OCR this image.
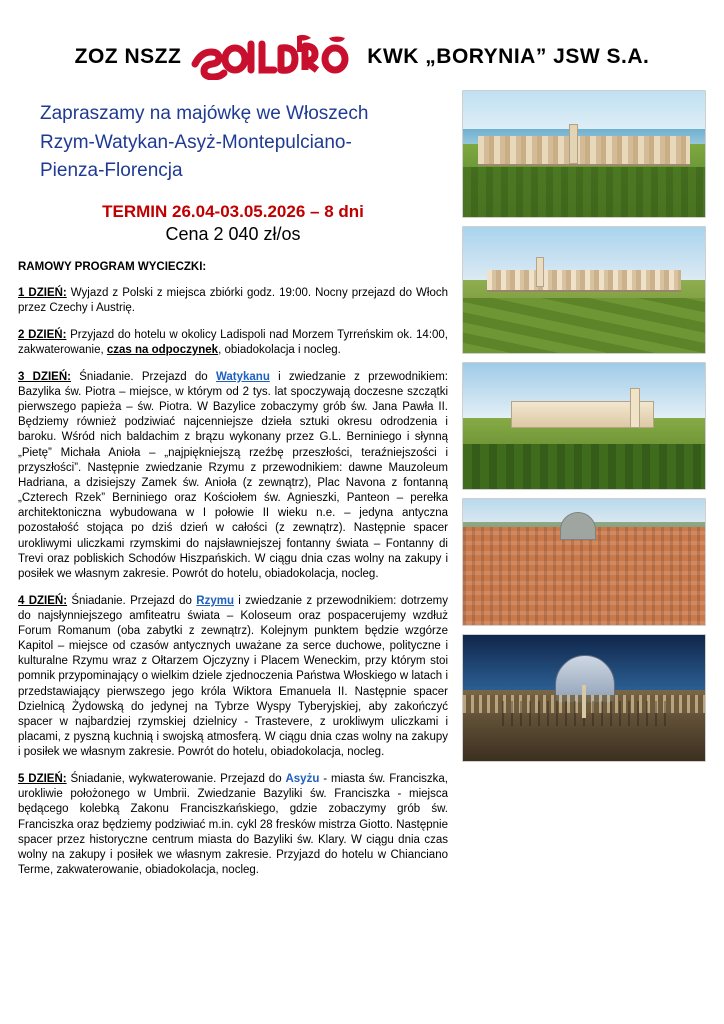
ZOZ NSZZ	KWK „BORYNIA” JSW S.A.
Zapraszamy na majówkę we Włoszech
Rzym-Watykan-Asyż-Montepulciano-
Pienza-Florencja
TERMIN 26.04-03.05.2026 – 8 dni
Cena 2 040 zł/os
RAMOWY PROGRAM WYCIECZKI:

1 DZIEŃ: Wyjazd z Polski z miejsca zbiórki godz. 19:00. Nocny przejazd do Włoch przez Czechy i Austrię.

2 DZIEŃ: Przyjazd do hotelu w okolicy Ladispoli nad Morzem Tyrreńskim ok. 14:00, zakwaterowanie, czas na odpoczynek, obiadokolacja i nocleg.

3 DZIEŃ: Śniadanie. Przejazd do Watykanu i zwiedzanie z przewodnikiem: Bazylika św. Piotra – miejsce, w którym od 2 tys. lat spoczywają doczesne szczątki pierwszego papieża – św. Piotra. W Bazylice zobaczymy grób św. Jana Pawła II. Będziemy również podziwiać najcenniejsze dzieła sztuki okresu odrodzenia i baroku. Wśród nich baldachim z brązu wykonany przez G.L. Berniniego i słynną „Pietę” Michała Anioła – „najpiękniejszą rzeźbę przeszłości, teraźniejszości i przyszłości”. Następnie zwiedzanie Rzymu z przewodnikiem: dawne Mauzoleum Hadriana, a dzisiejszy Zamek św. Anioła (z zewnątrz), Plac Navona z fontanną „Czterech Rzek” Berniniego oraz Kościołem św. Agnieszki, Panteon – perełka architektoniczna wybudowana w I połowie II wieku n.e. – jedyna antyczna pozostałość stojąca po dziś dzień w całości (z zewnątrz). Następnie spacer urokliwymi uliczkami rzymskimi do najsławniejszej fontanny świata – Fontanny di Trevi oraz pobliskich Schodów Hiszpańskich. W ciągu dnia czas wolny na zakupy i posiłek we własnym zakresie. Powrót do hotelu, obiadokolacja, nocleg.

4 DZIEŃ: Śniadanie. Przejazd do Rzymu i zwiedzanie z przewodnikiem: dotrzemy do najsłynniejszego amfiteatru świata – Koloseum oraz pospacerujemy wzdłuż Forum Romanum (oba zabytki z zewnątrz). Kolejnym punktem będzie wzgórze Kapitol – miejsce od czasów antycznych uważane za serce duchowe, polityczne i kulturalne Rzymu wraz z Ołtarzem Ojczyzny i Placem Weneckim, przy którym stoi pomnik przypominający o wielkim dziele zjednoczenia Państwa Włoskiego w latach i przedstawiający pierwszego jego króla Wiktora Emanuela II. Następnie spacer Dzielnicą Żydowską do jedynej na Tybrze Wyspy Tyberyjskiej, aby zakończyć spacer w najbardziej rzymskiej dzielnicy - Trastevere, z urokliwym uliczkami i placami, z pyszną kuchnią i swojską atmosferą. W ciągu dnia czas wolny na zakupy i posiłek we własnym zakresie. Powrót do hotelu, obiadokolacja, nocleg.

5 DZIEŃ: Śniadanie, wykwaterowanie. Przejazd do Asyżu - miasta św. Franciszka, urokliwie położonego w Umbrii. Zwiedzanie Bazyliki św. Franciszka - miejsca będącego kolebką Zakonu Franciszkańskiego, gdzie zobaczymy grób św. Franciszka oraz będziemy podziwiać m.in. cykl 28 fresków mistrza Giotto. Następnie spacer przez historyczne centrum miasta do Bazyliki św. Klary. W ciągu dnia czas wolny na zakupy i posiłek we własnym zakresie. Przyjazd do hotelu w Chianciano Terme, zakwaterowanie, obiadokolacja, nocleg.
